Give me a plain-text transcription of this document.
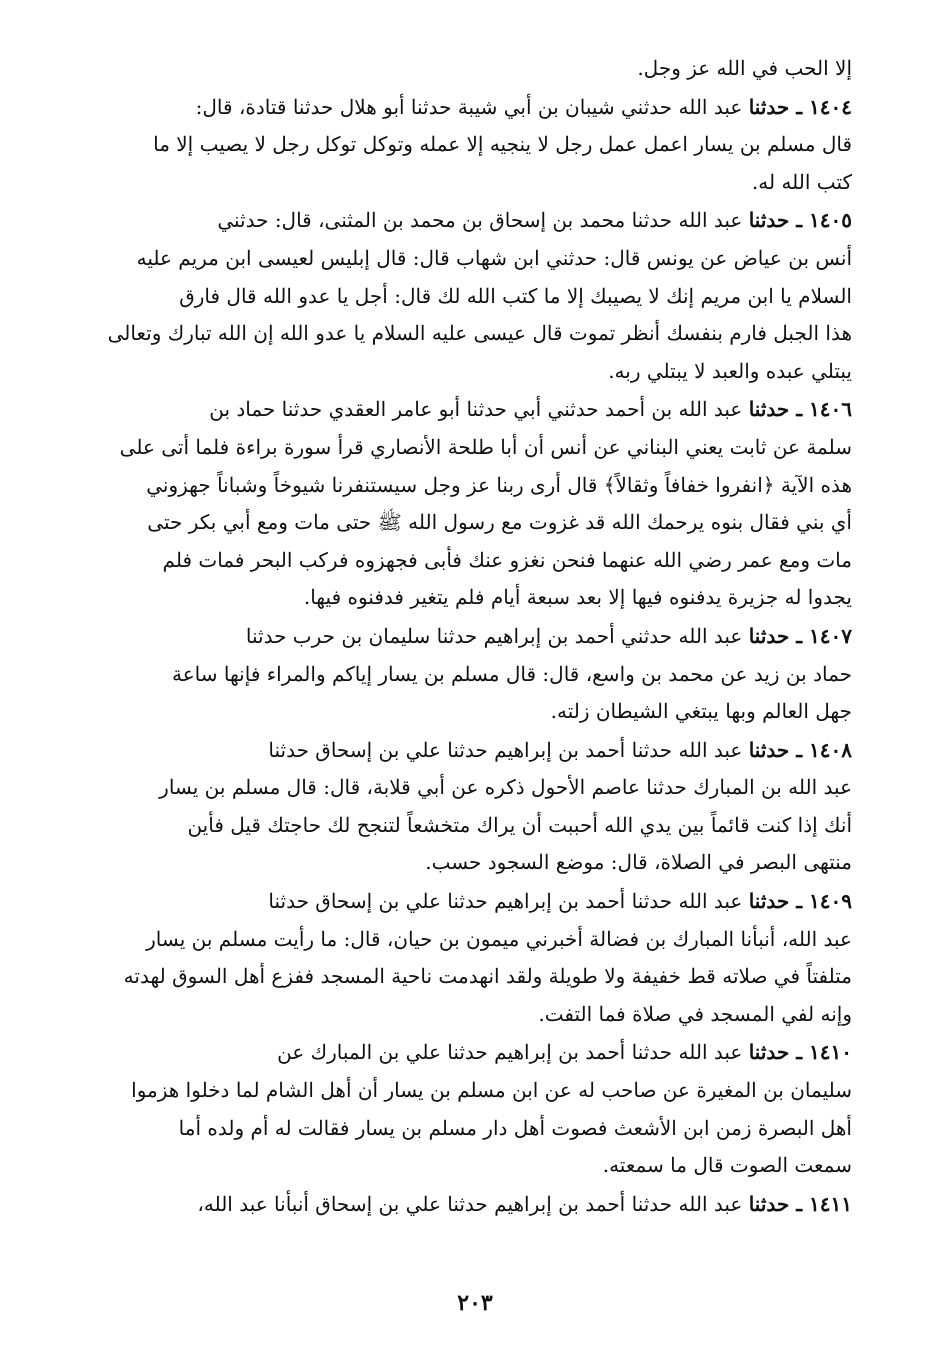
إلا الحب في الله عز وجل.
١٤٠٤ ـ حدثنا عبد الله حدثني شيبان بن أبي شيبة حدثنا أبو هلال حدثنا قتادة، قال:
قال مسلم بن يسار اعمل عمل رجل لا ينجيه إلا عمله وتوكل توكل رجل لا يصيب إلا ما
كتب الله له.
١٤٠٥ ـ حدثنا عبد الله حدثنا محمد بن إسحاق بن محمد بن المثنى، قال: حدثني
أنس بن عياض عن يونس قال: حدثني ابن شهاب قال: قال إبليس لعيسى ابن مريم عليه
السلام يا ابن مريم إنك لا يصيبك إلا ما كتب الله لك قال: أجل يا عدو الله قال فارق
هذا الجبل فارم بنفسك أنظر تموت قال عيسى عليه السلام يا عدو الله إن الله تبارك وتعالى
يبتلي عبده والعبد لا يبتلي ربه.
١٤٠٦ ـ حدثنا عبد الله بن أحمد حدثني أبي حدثنا أبو عامر العقدي حدثنا حماد بن
سلمة عن ثابت يعني البناني عن أنس أن أبا طلحة الأنصاري قرأ سورة براءة فلما أتى على
هذه الآية ﴿انفروا خفافاً وثقالاً﴾ قال أرى ربنا عز وجل سيستنفرنا شيوخاً وشباناً جهزوني
أي بني فقال بنوه يرحمك الله قد غزوت مع رسول الله ﷺ حتى مات ومع أبي بكر حتى
مات ومع عمر رضي الله عنهما فنحن نغزو عنك فأبى فجهزوه فركب البحر فمات فلم
يجدوا له جزيرة يدفنوه فيها إلا بعد سبعة أيام فلم يتغير فدفنوه فيها.
١٤٠٧ ـ حدثنا عبد الله حدثني أحمد بن إبراهيم حدثنا سليمان بن حرب حدثنا
حماد بن زيد عن محمد بن واسع، قال: قال مسلم بن يسار إياكم والمراء فإنها ساعة
جهل العالم وبها يبتغي الشيطان زلته.
١٤٠٨ ـ حدثنا عبد الله حدثنا أحمد بن إبراهيم حدثنا علي بن إسحاق حدثنا
عبد الله بن المبارك حدثنا عاصم الأحول ذكره عن أبي قلابة، قال: قال مسلم بن يسار
أنك إذا كنت قائماً بين يدي الله أحببت أن يراك متخشعاً لتنجح لك حاجتك قيل فأين
منتهى البصر في الصلاة، قال: موضع السجود حسب.
١٤٠٩ ـ حدثنا عبد الله حدثنا أحمد بن إبراهيم حدثنا علي بن إسحاق حدثنا
عبد الله، أنبأنا المبارك بن فضالة أخبرني ميمون بن حيان، قال: ما رأيت مسلم بن يسار
متلفتاً في صلاته قط خفيفة ولا طويلة ولقد انهدمت ناحية المسجد ففزع أهل السوق لهدته
وإنه لفي المسجد في صلاة فما التفت.
١٤١٠ ـ حدثنا عبد الله حدثنا أحمد بن إبراهيم حدثنا علي بن المبارك عن
سليمان بن المغيرة عن صاحب له عن ابن مسلم بن يسار أن أهل الشام لما دخلوا هزموا
أهل البصرة زمن ابن الأشعث فصوت أهل دار مسلم بن يسار فقالت له أم ولده أما
سمعت الصوت قال ما سمعته.
١٤١١ ـ حدثنا عبد الله حدثنا أحمد بن إبراهيم حدثنا علي بن إسحاق أنبأنا عبد الله،
٢٠٣
